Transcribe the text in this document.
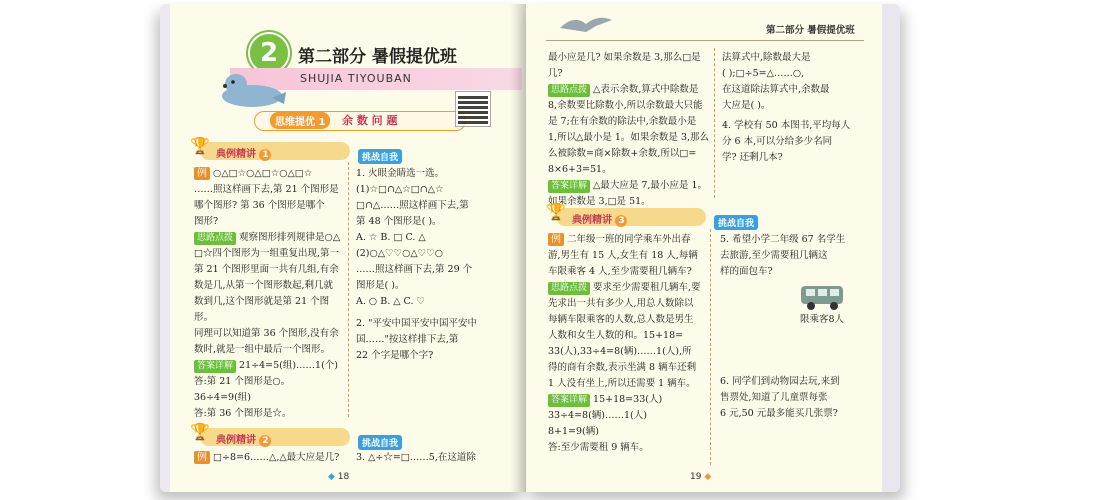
2	第二部分 暑假提优班
SHUJIA TIYOUBAN
思维提优 1	余 数 问 题
🏆 典例精讲 1	挑战自我
例 ○△□☆○△□☆○△□☆
……照这样画下去,第 21 个图形是
哪个图形? 第 36 个图形是哪个
图形?
思路点拨 观察图形排列规律是○△
□☆四个图形为一组重复出现,第一
第 21 个图形里面一共有几组,有余
数是几,从第一个图形数起,剩几就
数到几,这个图形就是第 21 个图形。
同理可以知道第 36 个图形,没有余
数时,就是一组中最后一个图形。
答案详解 21÷4=5(组)……1(个)
答:第 21 个图形是○。
36÷4=9(组)
答:第 36 个图形是☆。
1. 火眼金睛选一选。
(1)☆□∩△☆□∩△☆
□∩△……照这样画下去,第
第 48 个图形是( )。
A. ☆ B. □ C. △
(2)○△♡♡○△♡♡○
……照这样画下去,第 29 个
图形是( )。
A. ○ B. △ C. ♡
2. "平安中国平安中国平安中
国……"按这样排下去,第
22 个字是哪个字?
🏆 典例精讲 2	挑战自我
例 □÷8=6……△,△最大应是几? 3. △÷☆=□……5,在这道除
◆ 18
第二部分 暑假提优班
最小应是几? 如果余数是 3,那么□是几?
思路点拨 △表示余数,算式中除数是
8,余数要比除数小,所以余数最大只能
是 7;在有余数的除法中,余数最小是
1,所以△最小是 1。如果余数是 3,那么
么被除数=商×除数+余数,所以□=
8×6+3=51。
答案详解 △最大应是 7,最小应是 1。
如果余数是 3,□是 51。
法算式中,除数最大是
( );□÷5=△……○,
在这道除法算式中,余数最
大应是( )。
4. 学校有 50 本图书,平均每人
分 6 本,可以分给多少名同
学? 还剩几本?
🏆 典例精讲 3	挑战自我
例 二年级一班的同学乘车外出春
游,男生有 15 人,女生有 18 人,每辆
车限乘客 4 人,至少需要租几辆车?
思路点拨 要求至少需要租几辆车,要
先求出一共有多少人,用总人数除以
每辆车限乘客的人数,总人数是男生
人数和女生人数的和。15+18=
33(人),33÷4=8(辆)……1(人),所
得的商有余数,表示坐满 8 辆车还剩
1 人没有坐上,所以还需要 1 辆车。
答案详解 15+18=33(人)
33÷4=8(辆)……1(人)
8+1=9(辆)
答:至少需要租 9 辆车。
5. 希望小学二年级 67 名学生
去旅游,至少需要租几辆这
样的面包车?
限乘客8人
6. 同学们到动物园去玩,来到
售票处,知道了儿童票每张
6 元,50 元最多能买几张票?
19 ◆
